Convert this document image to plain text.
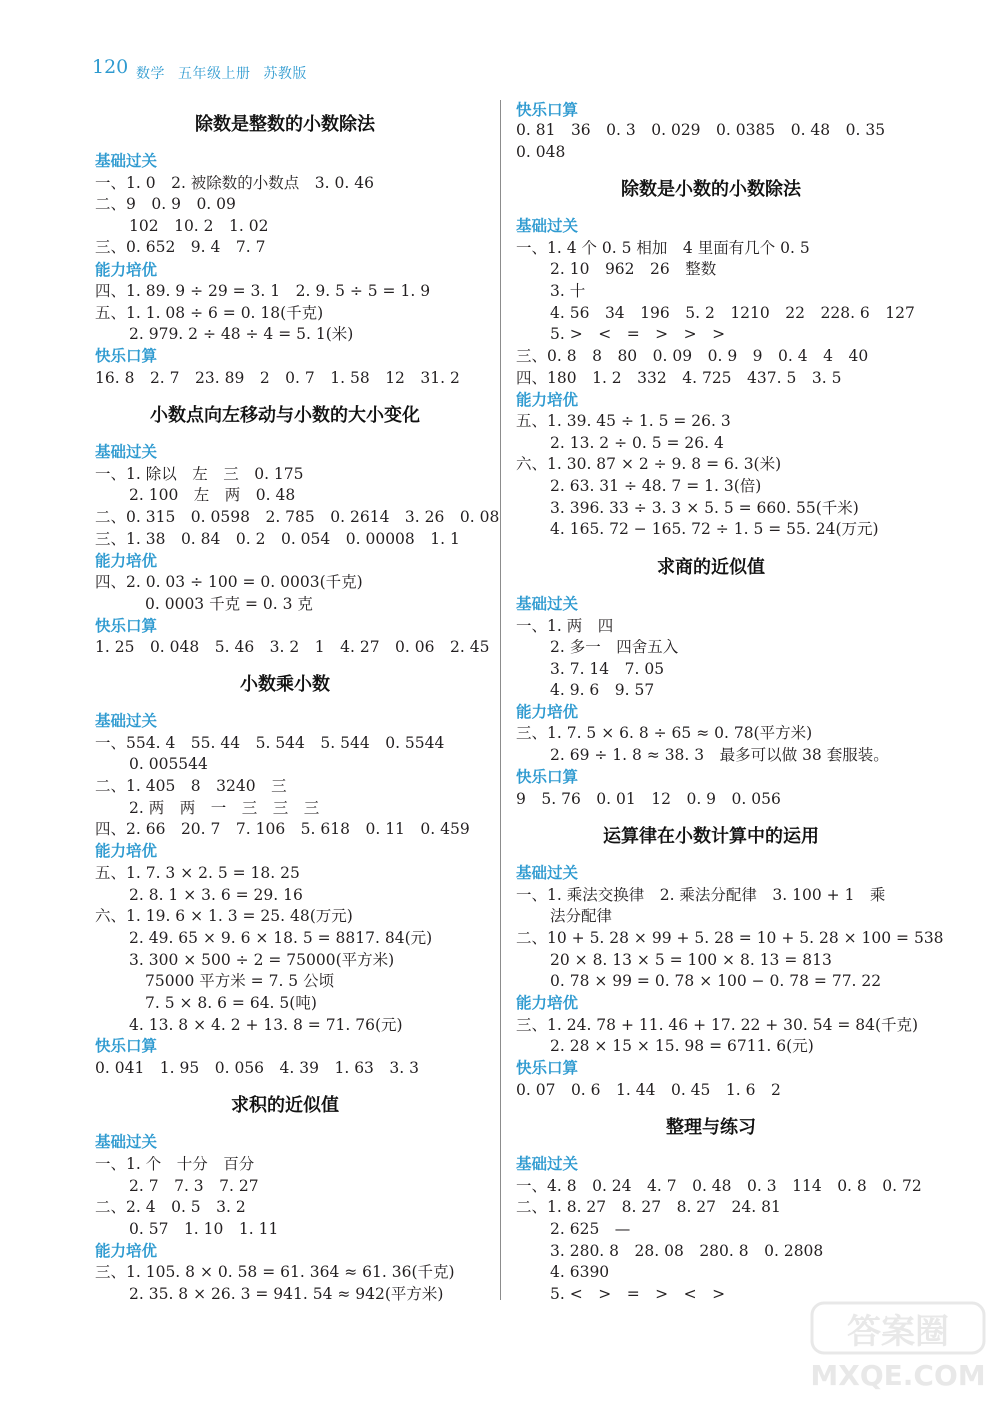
120 数学 五年级上册 苏教版
除数是整数的小数除法
基础过关
一、1. 0　2. 被除数的小数点　3. 0. 46
二、9　0. 9　0. 09
102　10. 2　1. 02
三、0. 652　9. 4　7. 7
能力培优
四、1. 89. 9 ÷ 29 = 3. 1　2. 9. 5 ÷ 5 = 1. 9
五、1. 1. 08 ÷ 6 = 0. 18(千克)
2. 979. 2 ÷ 48 ÷ 4 = 5. 1(米)
快乐口算
16. 8　2. 7　23. 89　2　0. 7　1. 58　12　31. 2
小数点向左移动与小数的大小变化
基础过关
一、1. 除以　左　三　0. 175
2. 100　左　两　0. 48
二、0. 315　0. 0598　2. 785　0. 2614　3. 26　0. 08
三、1. 38　0. 84　0. 2　0. 054　0. 00008　1. 1
能力培优
四、2. 0. 03 ÷ 100 = 0. 0003(千克)
0. 0003 千克 = 0. 3 克
快乐口算
1. 25　0. 048　5. 46　3. 2　1　4. 27　0. 06　2. 45
小数乘小数
基础过关
一、554. 4　55. 44　5. 544　5. 544　0. 5544
0. 005544
二、1. 405　8　3240　三
2. 两　两　一　三　三　三
四、2. 66　20. 7　7. 106　5. 618　0. 11　0. 459
能力培优
五、1. 7. 3 × 2. 5 = 18. 25
2. 8. 1 × 3. 6 = 29. 16
六、1. 19. 6 × 1. 3 = 25. 48(万元)
2. 49. 65 × 9. 6 × 18. 5 = 8817. 84(元)
3. 300 × 500 ÷ 2 = 75000(平方米)
75000 平方米 = 7. 5 公顷
7. 5 × 8. 6 = 64. 5(吨)
4. 13. 8 × 4. 2 + 13. 8 = 71. 76(元)
快乐口算
0. 041　1. 95　0. 056　4. 39　1. 63　3. 3
求积的近似值
基础过关
一、1. 个　十分　百分
2. 7　7. 3　7. 27
二、2. 4　0. 5　3. 2
0. 57　1. 10　1. 11
能力培优
三、1. 105. 8 × 0. 58 = 61. 364 ≈ 61. 36(千克)
2. 35. 8 × 26. 3 = 941. 54 ≈ 942(平方米)
快乐口算
0. 81　36　0. 3　0. 029　0. 0385　0. 48　0. 35
0. 048
除数是小数的小数除法
基础过关
一、1. 4 个 0. 5 相加　4 里面有几个 0. 5
2. 10　962　26　整数
3. 十
4. 56　34　196　5. 2　1210　22　228. 6　127
5. >　<　=　>　>　>
三、0. 8　8　80　0. 09　0. 9　9　0. 4　4　40
四、180　1. 2　332　4. 725　437. 5　3. 5
能力培优
五、1. 39. 45 ÷ 1. 5 = 26. 3
2. 13. 2 ÷ 0. 5 = 26. 4
六、1. 30. 87 × 2 ÷ 9. 8 = 6. 3(米)
2. 63. 31 ÷ 48. 7 = 1. 3(倍)
3. 396. 33 ÷ 3. 3 × 5. 5 = 660. 55(千米)
4. 165. 72 − 165. 72 ÷ 1. 5 = 55. 24(万元)
求商的近似值
基础过关
一、1. 两　四
2. 多一　四舍五入
3. 7. 14　7. 05
4. 9. 6　9. 57
能力培优
三、1. 7. 5 × 6. 8 ÷ 65 ≈ 0. 78(平方米)
2. 69 ÷ 1. 8 ≈ 38. 3　最多可以做 38 套服装。
快乐口算
9　5. 76　0. 01　12　0. 9　0. 056
运算律在小数计算中的运用
基础过关
一、1. 乘法交换律　2. 乘法分配律　3. 100 + 1　乘
法分配律
二、10 + 5. 28 × 99 + 5. 28 = 10 + 5. 28 × 100 = 538
20 × 8. 13 × 5 = 100 × 8. 13 = 813
0. 78 × 99 = 0. 78 × 100 − 0. 78 = 77. 22
能力培优
三、1. 24. 78 + 11. 46 + 17. 22 + 30. 54 = 84(千克)
2. 28 × 15 × 15. 98 = 6711. 6(元)
快乐口算
0. 07　0. 6　1. 44　0. 45　1. 6　2
整理与练习
基础过关
一、4. 8　0. 24　4. 7　0. 48　0. 3　114　0. 8　0. 72
二、1. 8. 27　8. 27　8. 27　24. 81
2. 625　—
3. 280. 8　28. 08　280. 8　0. 2808
4. 6390
5. <　>　=　>　<　>
答案圈
MXQE.COM
